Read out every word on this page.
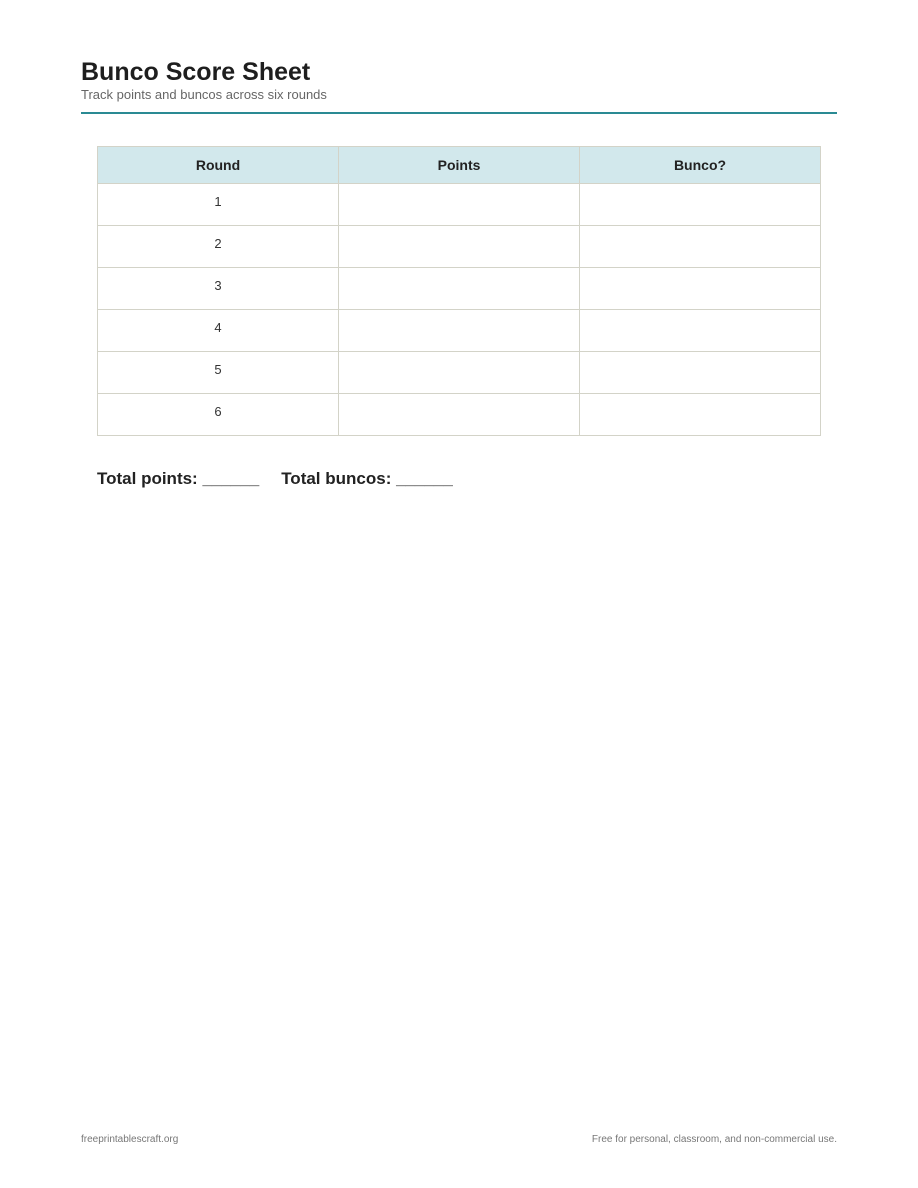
Bunco Score Sheet

Track points and buncos across six rounds

Round	Points	Bunco?
1		
2		
3		
4		
5		
6		
Total points: ______ Total buncos: ______
freeprintablescraft.org	Free for personal, classroom, and non-commercial use.
